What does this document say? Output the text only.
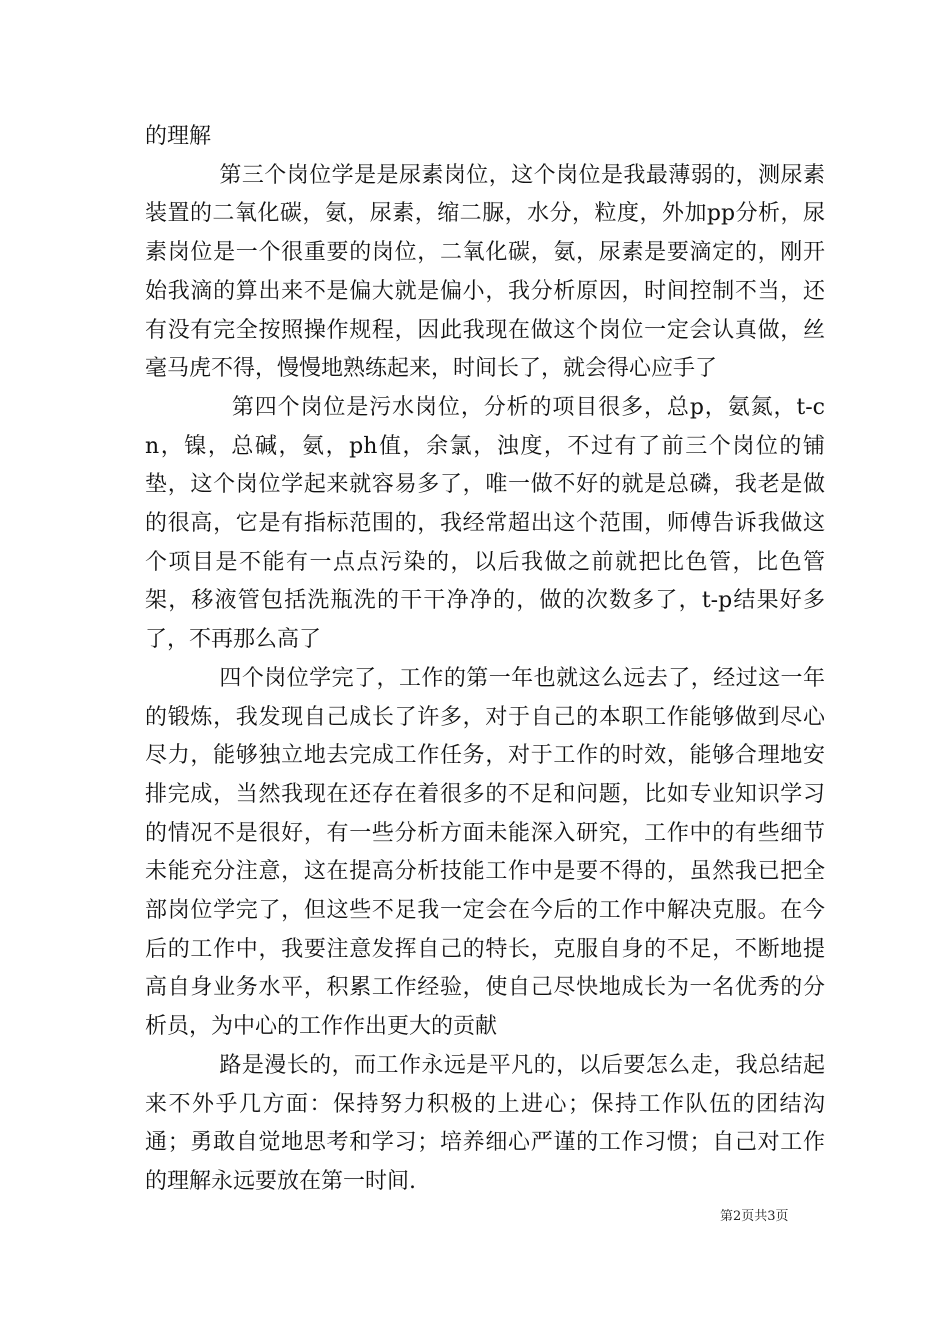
的理解

第三个岗位学是是尿素岗位，这个岗位是我最薄弱的，测尿素装置的二氧化碳，氨，尿素，缩二脲，水分，粒度，外加pp分析，尿素岗位是一个很重要的岗位，二氧化碳，氨，尿素是要滴定的，刚开始我滴的算出来不是偏大就是偏小，我分析原因，时间控制不当，还有没有完全按照操作规程，因此我现在做这个岗位一定会认真做，丝毫马虎不得，慢慢地熟练起来，时间长了，就会得心应手了

第四个岗位是污水岗位，分析的项目很多，总p，氨氮，t-cn，镍，总碱，氨，ph值，余氯，浊度，不过有了前三个岗位的铺垫，这个岗位学起来就容易多了，唯一做不好的就是总磷，我老是做的很高，它是有指标范围的，我经常超出这个范围，师傅告诉我做这个项目是不能有一点点污染的，以后我做之前就把比色管，比色管架，移液管包括洗瓶洗的干干净净的，做的次数多了，t-p结果好多了，不再那么高了

四个岗位学完了，工作的第一年也就这么远去了，经过这一年的锻炼，我发现自己成长了许多，对于自己的本职工作能够做到尽心尽力，能够独立地去完成工作任务，对于工作的时效，能够合理地安排完成，当然我现在还存在着很多的不足和问题，比如专业知识学习的情况不是很好，有一些分析方面未能深入研究，工作中的有些细节未能充分注意，这在提高分析技能工作中是要不得的，虽然我已把全部岗位学完了，但这些不足我一定会在今后的工作中解决克服。在今后的工作中，我要注意发挥自己的特长，克服自身的不足，不断地提高自身业务水平，积累工作经验，使自己尽快地成长为一名优秀的分析员，为中心的工作作出更大的贡献

路是漫长的，而工作永远是平凡的，以后要怎么走，我总结起来不外乎几方面：保持努力积极的上进心；保持工作队伍的团结沟通；勇敢自觉地思考和学习；培养细心严谨的工作习惯；自己对工作的理解永远要放在第一时间.

第2页共3页
